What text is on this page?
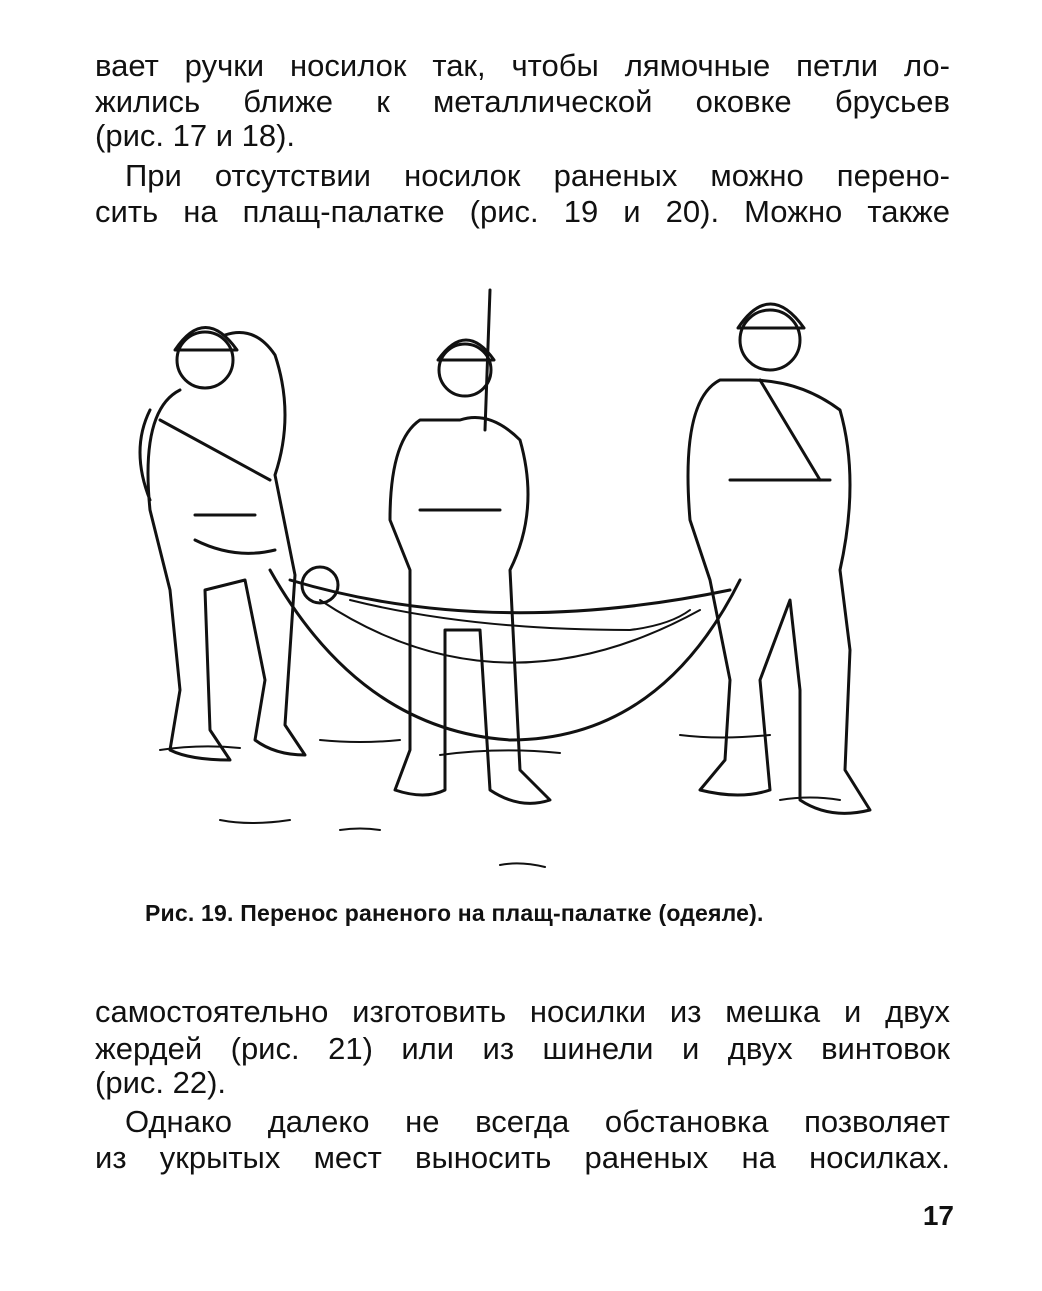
вает ручки носилок так, чтобы лямочные петли ло-
жились ближе к металлической оковке брусьев
(рис. 17 и 18).
При отсутствии носилок раненых можно перено-
сить на плащ-палатке (рис. 19 и 20). Можно также
Рис. 19. Перенос раненого на плащ-палатке (одеяле).
самостоятельно изготовить носилки из мешка и двух
жердей (рис. 21) или из шинели и двух винтовок
(рис. 22).
Однако далеко не всегда обстановка позволяет
из укрытых мест выносить раненых на носилках.
17
